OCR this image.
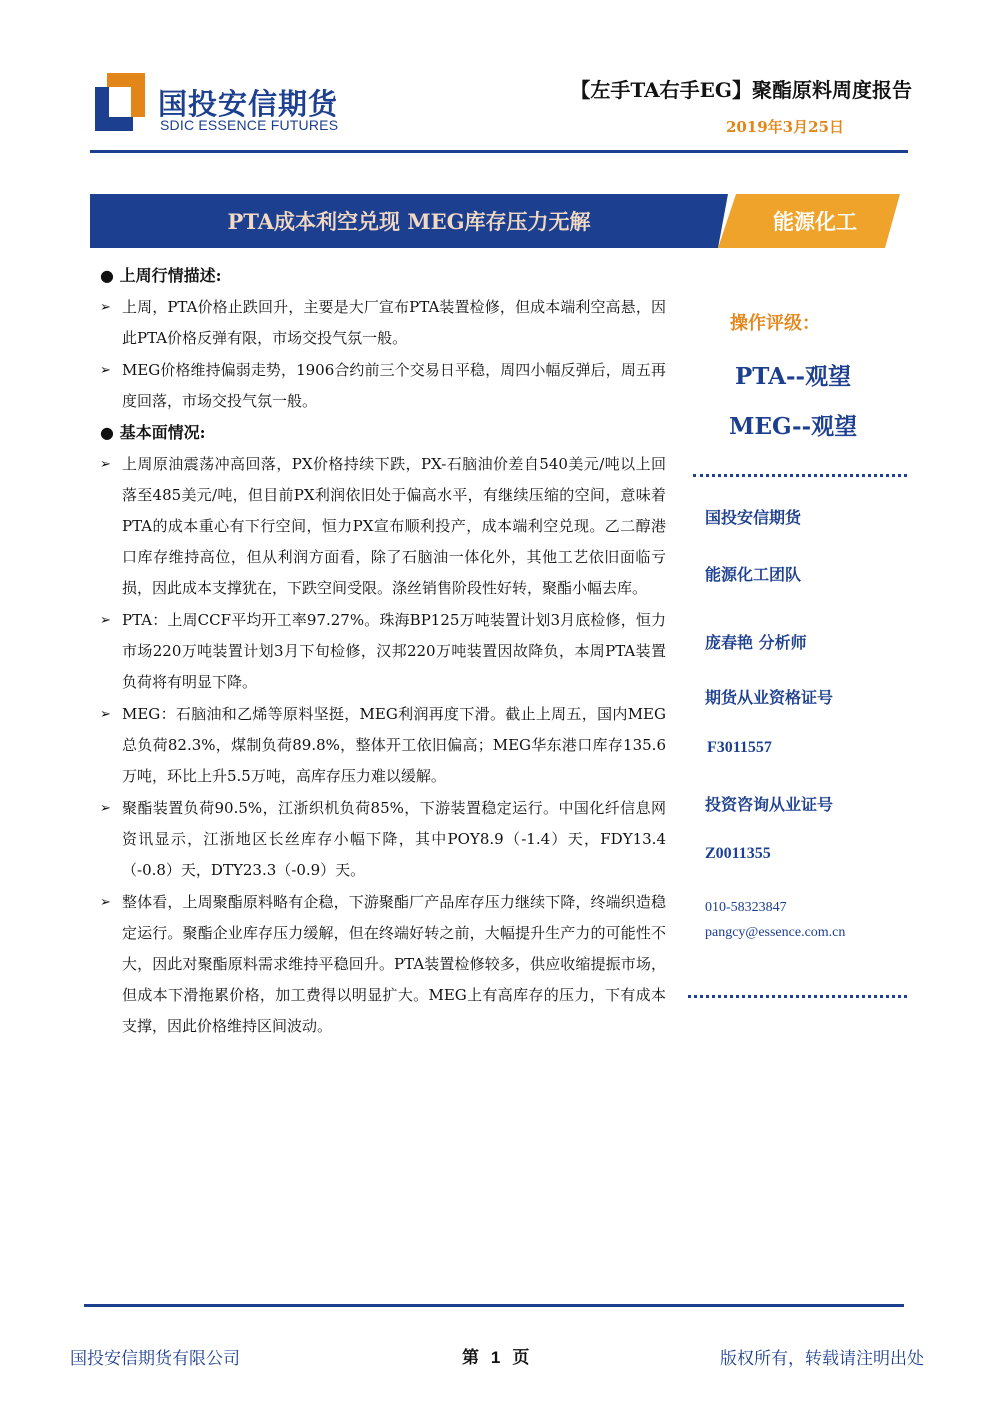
国投安信期货
SDIC ESSENCE FUTURES
【左手TA右手EG】聚酯原料周度报告
2019年3月25日
PTA成本利空兑现 MEG库存压力无解	能源化工
● 上周行情描述:
➢ 上周，PTA价格止跌回升，主要是大厂宣布PTA装置检修，但成本端利空高悬，因此PTA价格反弹有限，市场交投气氛一般。
➢ MEG价格维持偏弱走势，1906合约前三个交易日平稳，周四小幅反弹后，周五再度回落，市场交投气氛一般。
● 基本面情况:
➢ 上周原油震荡冲高回落，PX价格持续下跌，PX-石脑油价差自540美元/吨以上回落至485美元/吨，但目前PX利润依旧处于偏高水平，有继续压缩的空间，意味着PTA的成本重心有下行空间，恒力PX宣布顺利投产，成本端利空兑现。乙二醇港口库存维持高位，但从利润方面看，除了石脑油一体化外，其他工艺依旧面临亏损，因此成本支撑犹在，下跌空间受限。涤丝销售阶段性好转，聚酯小幅去库。
➢ PTA：上周CCF平均开工率97.27%。珠海BP125万吨装置计划3月底检修，恒力市场220万吨装置计划3月下旬检修，汉邦220万吨装置因故降负，本周PTA装置负荷将有明显下降。
➢ MEG：石脑油和乙烯等原料坚挺，MEG利润再度下滑。截止上周五，国内MEG总负荷82.3%，煤制负荷89.8%，整体开工依旧偏高；MEG华东港口库存135.6万吨，环比上升5.5万吨，高库存压力难以缓解。
➢ 聚酯装置负荷90.5%，江浙织机负荷85%，下游装置稳定运行。中国化纤信息网资讯显示，江浙地区长丝库存小幅下降，其中POY8.9（-1.4）天，FDY13.4（-0.8）天，DTY23.3（-0.9）天。
➢ 整体看，上周聚酯原料略有企稳，下游聚酯厂产品库存压力继续下降，终端织造稳定运行。聚酯企业库存压力缓解，但在终端好转之前，大幅提升生产力的可能性不大，因此对聚酯原料需求维持平稳回升。PTA装置检修较多，供应收缩提振市场，但成本下滑拖累价格，加工费得以明显扩大。MEG上有高库存的压力，下有成本支撑，因此价格维持区间波动。
操作评级：
PTA--观望
MEG--观望
国投安信期货
能源化工团队
庞春艳 分析师
期货从业资格证号
F3011557
投资咨询从业证号
Z0011355
010-58323847
pangcy@essence.com.cn
国投安信期货有限公司	第 1 页	版权所有，转载请注明出处
